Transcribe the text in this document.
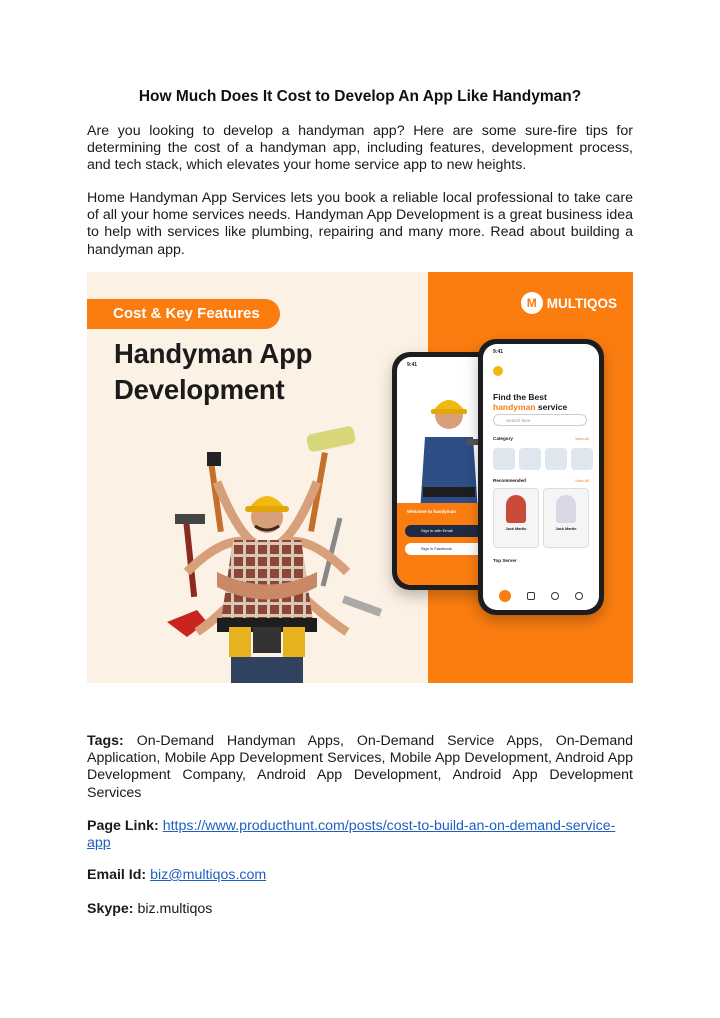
How Much Does It Cost to Develop An App Like Handyman?

Are you looking to develop a handyman app? Here are some sure-fire tips for determining the cost of a handyman app, including features, development process, and tech stack, which elevates your home service app to new heights.

Home Handyman App Services lets you book a reliable local professional to take care of all your home services needs. Handyman App Development is a great business idea to help with services like plumbing, repairing and many more. Read about building a handyman app.

Cost & Key Features
Handyman App
Development
M MULTIQOS
9:41
Welcome to handyman
Sign in with Email
Sign in Facebook
9:41
Find the Best
handyman service
Search here
Category	View All
Recommended	View All
Jack Martin	Jack Martin
Top Server

Tags: On-Demand Handyman Apps, On-Demand Service Apps, On-Demand Application, Mobile App Development Services, Mobile App Development, Android App Development Company, Android App Development, Android App Development Services

Page Link: https://www.producthunt.com/posts/cost-to-build-an-on-demand-service-app

Email Id: biz@multiqos.com

Skype: biz.multiqos
